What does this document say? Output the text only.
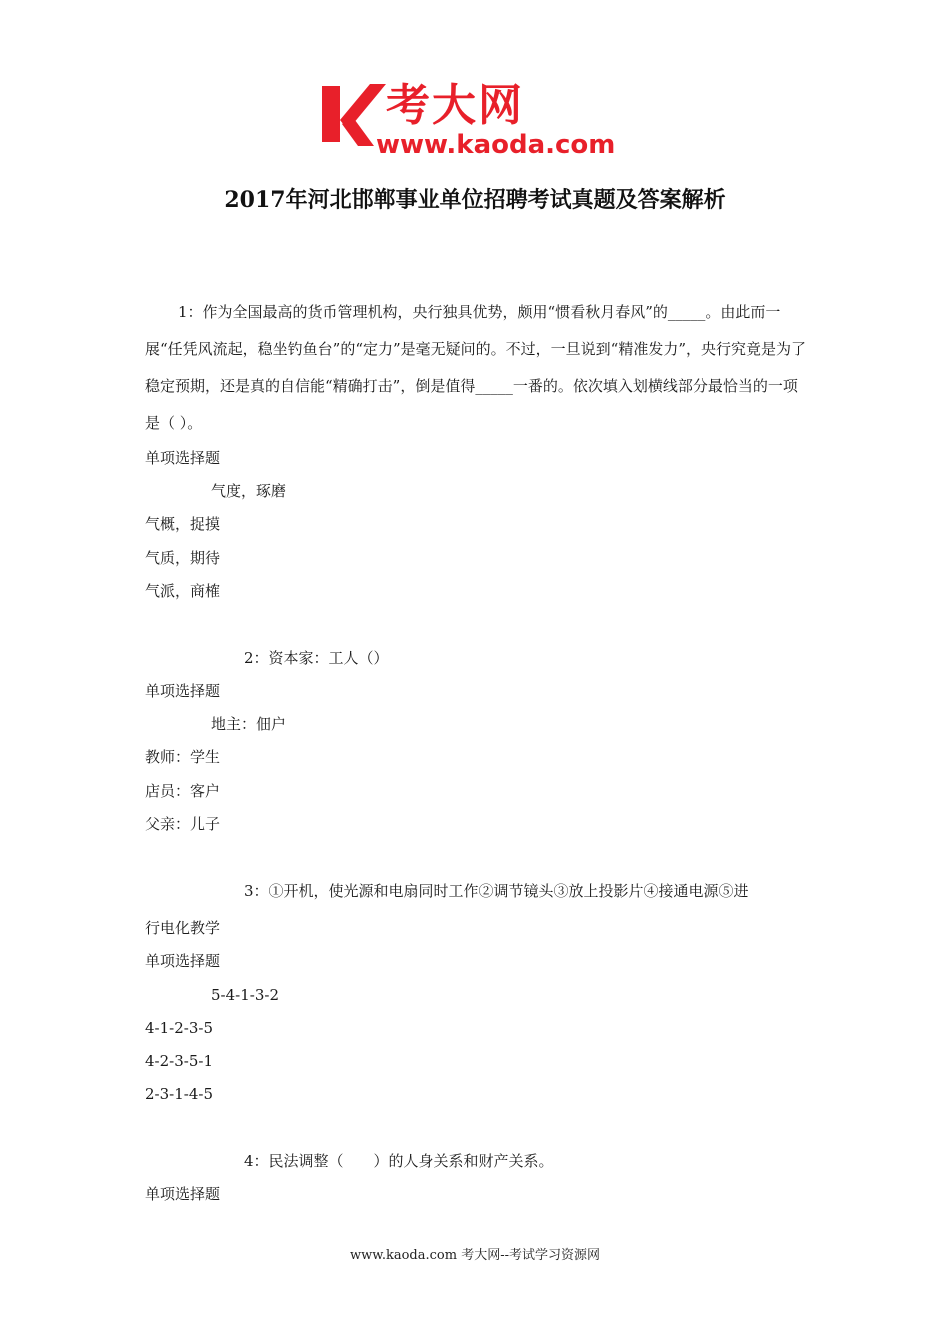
考大网
www.kaoda.com
2017年河北邯郸事业单位招聘考试真题及答案解析
1：作为全国最高的货币管理机构，央行独具优势，颇用“惯看秋月春风”的_____。由此而一展“任凭风流起，稳坐钓鱼台”的“定力”是毫无疑问的。不过，一旦说到“精准发力”，央行究竟是为了稳定预期，还是真的自信能“精确打击”，倒是值得_____一番的。依次填入划横线部分最恰当的一项是（ ）。
单项选择题
气度，琢磨
气概，捉摸
气质，期待
气派，商榷
2：资本家：工人（）
单项选择题
地主：佃户
教师：学生
店员：客户
父亲：儿子
3：①开机，使光源和电扇同时工作②调节镜头③放上投影片④接通电源⑤进
行电化教学
单项选择题
5-4-1-3-2
4-1-2-3-5
4-2-3-5-1
2-3-1-4-5
4：民法调整（　　）的人身关系和财产关系。
单项选择题
www.kaoda.com 考大网--考试学习资源网
